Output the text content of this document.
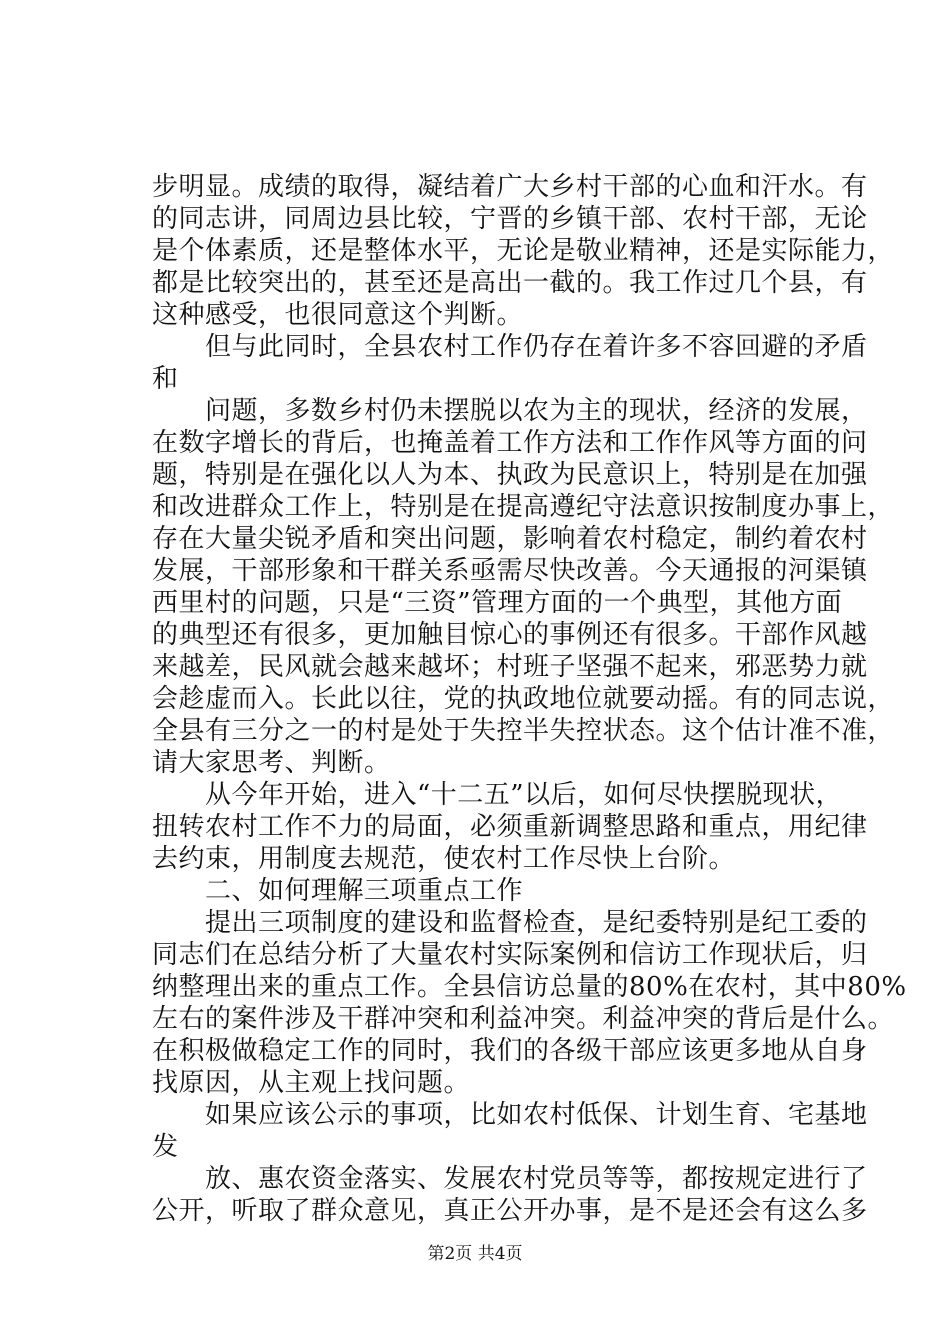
步明显。成绩的取得，凝结着广大乡村干部的心血和汗水。有
的同志讲，同周边县比较，宁晋的乡镇干部、农村干部，无论
是个体素质，还是整体水平，无论是敬业精神，还是实际能力，
都是比较突出的，甚至还是高出一截的。我工作过几个县，有
这种感受，也很同意这个判断。
　　但与此同时，全县农村工作仍存在着许多不容回避的矛盾
和
　　问题，多数乡村仍未摆脱以农为主的现状，经济的发展，
在数字增长的背后，也掩盖着工作方法和工作作风等方面的问
题，特别是在强化以人为本、执政为民意识上，特别是在加强
和改进群众工作上，特别是在提高遵纪守法意识按制度办事上，
存在大量尖锐矛盾和突出问题，影响着农村稳定，制约着农村
发展，干部形象和干群关系亟需尽快改善。今天通报的河渠镇
西里村的问题，只是“三资”管理方面的一个典型，其他方面
的典型还有很多，更加触目惊心的事例还有很多。干部作风越
来越差，民风就会越来越坏；村班子坚强不起来，邪恶势力就
会趁虚而入。长此以往，党的执政地位就要动摇。有的同志说，
全县有三分之一的村是处于失控半失控状态。这个估计准不准，
请大家思考、判断。
　　从今年开始，进入“十二五”以后，如何尽快摆脱现状，
扭转农村工作不力的局面，必须重新调整思路和重点，用纪律
去约束，用制度去规范，使农村工作尽快上台阶。
　　二、如何理解三项重点工作
　　提出三项制度的建设和监督检查，是纪委特别是纪工委的
同志们在总结分析了大量农村实际案例和信访工作现状后，归
纳整理出来的重点工作。全县信访总量的80%在农村，其中80%
左右的案件涉及干群冲突和利益冲突。利益冲突的背后是什么。
在积极做稳定工作的同时，我们的各级干部应该更多地从自身
找原因，从主观上找问题。
　　如果应该公示的事项，比如农村低保、计划生育、宅基地
发
　　放、惠农资金落实、发展农村党员等等，都按规定进行了
公开，听取了群众意见，真正公开办事，是不是还会有这么多
第2页 共4页
